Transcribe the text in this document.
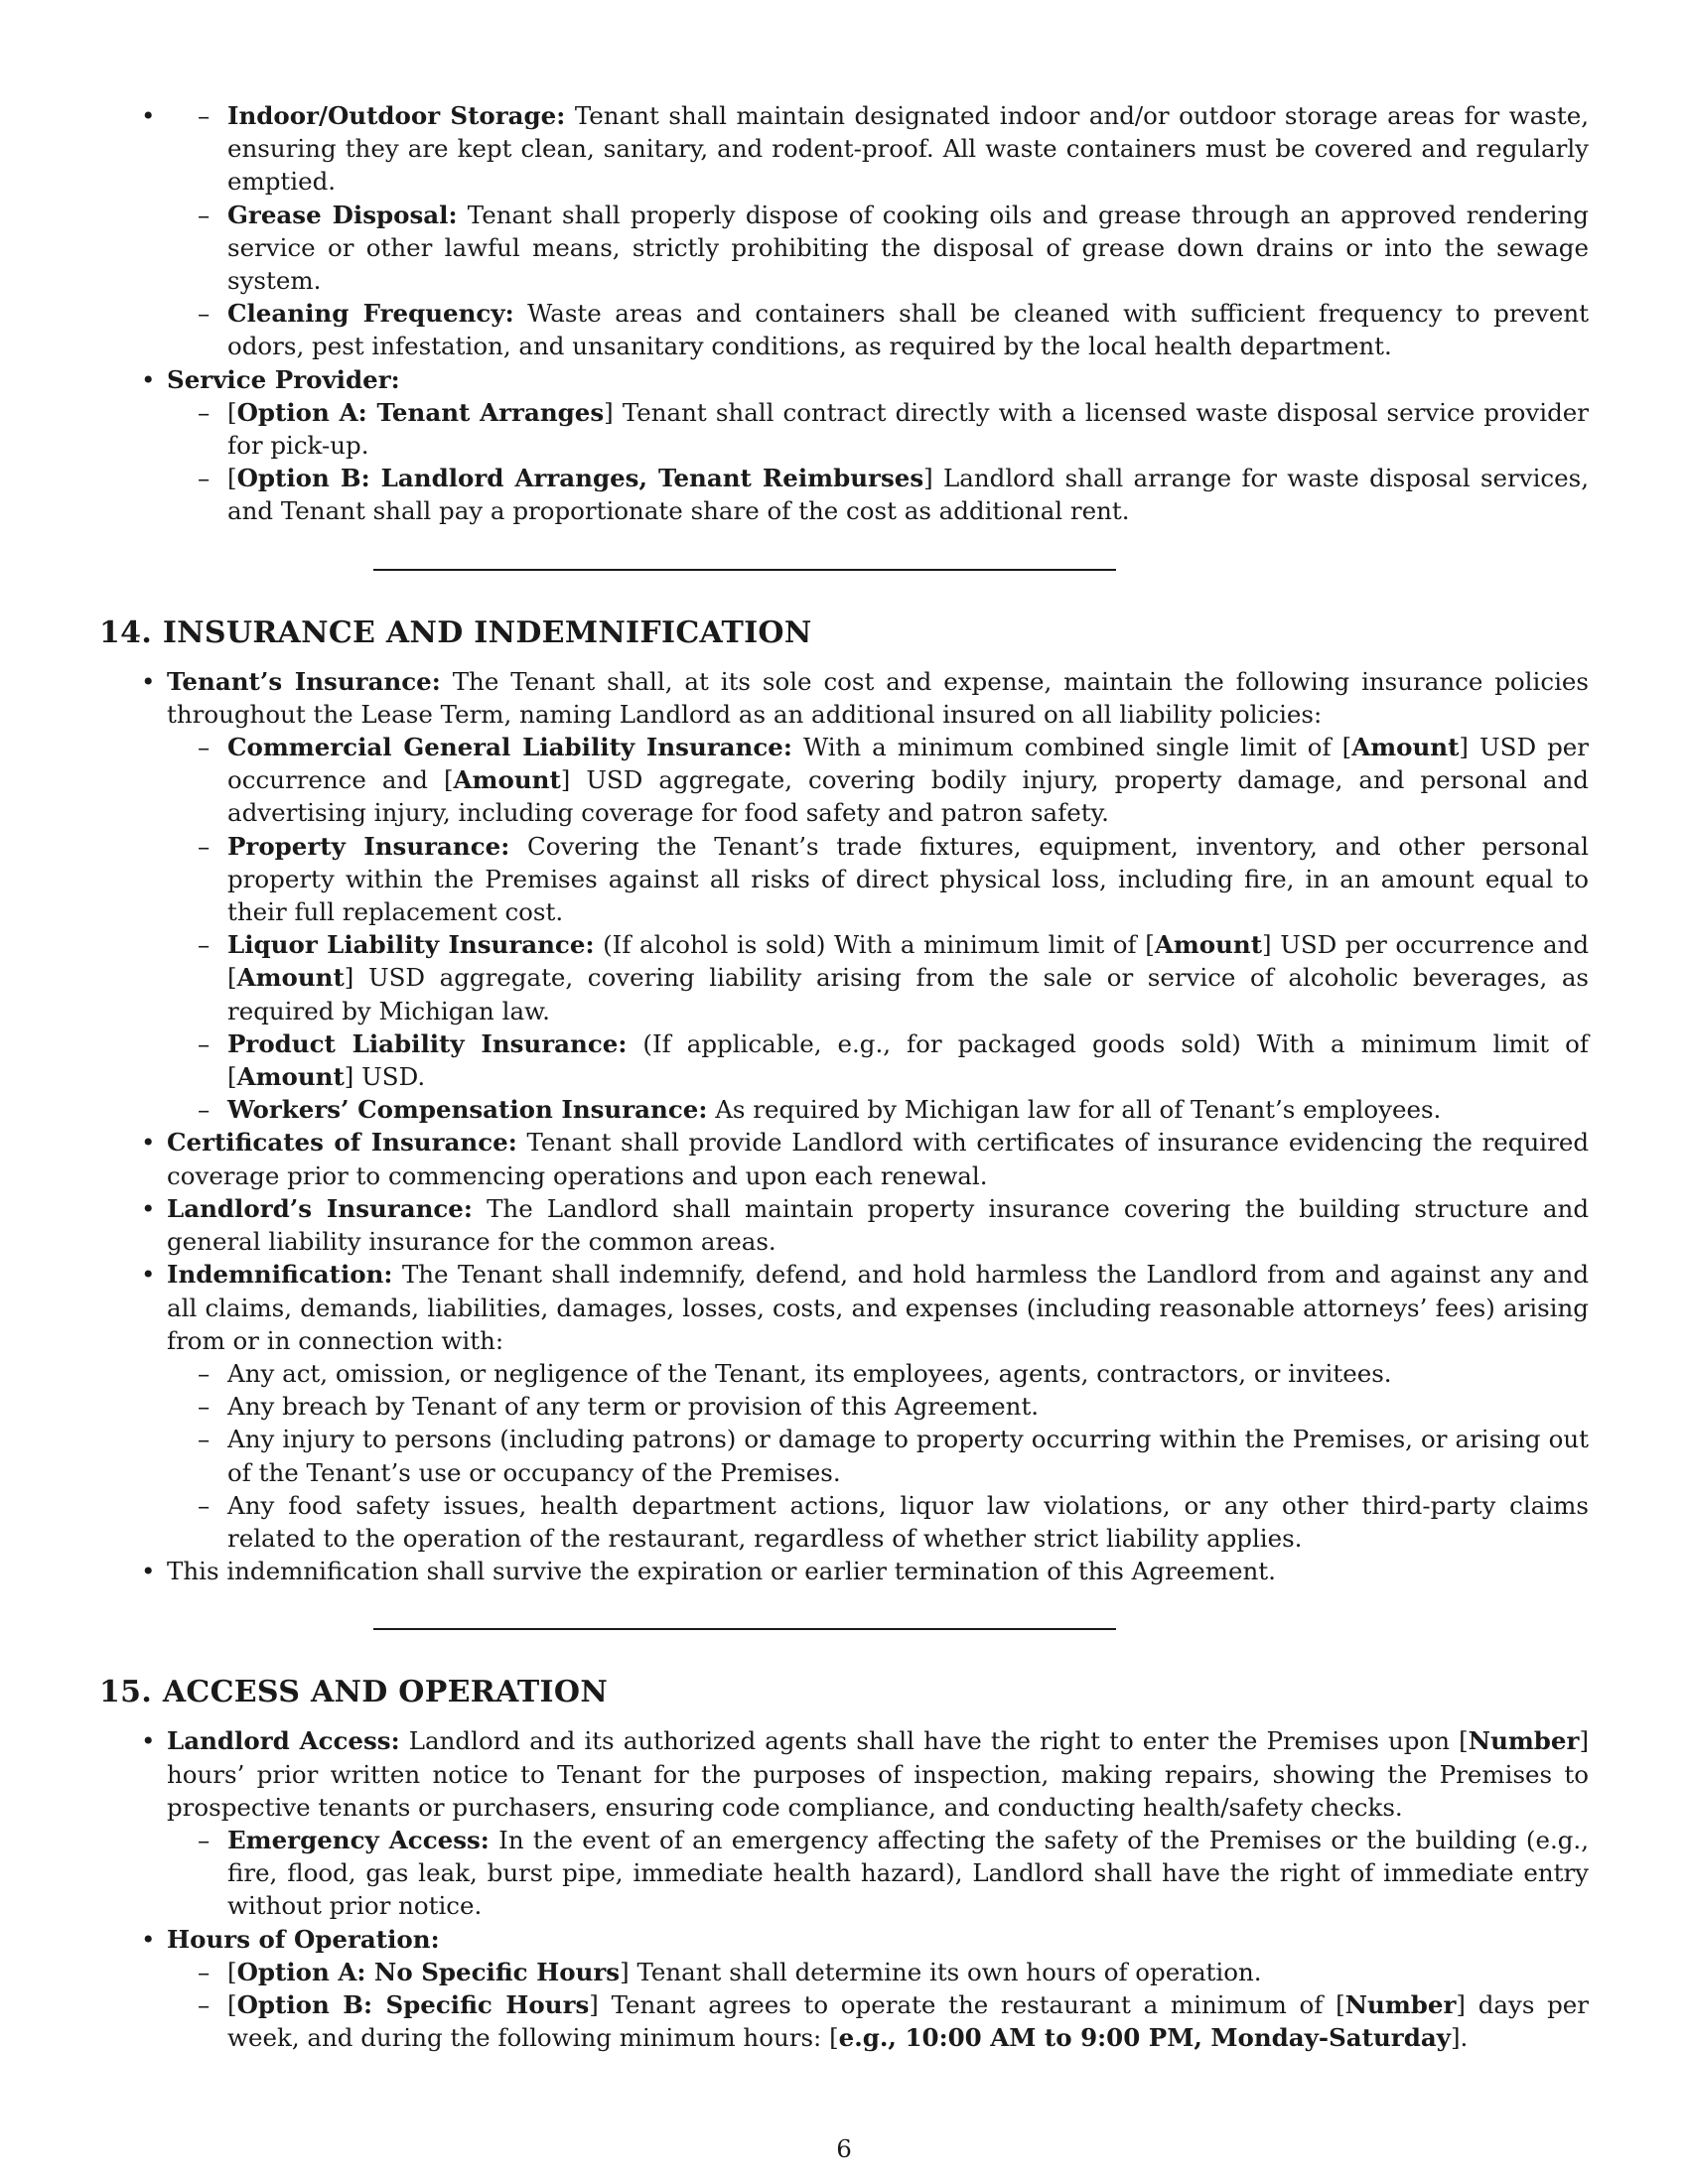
– • Indoor/Outdoor Storage: Tenant shall maintain designated indoor and/or outdoor storage areas for waste, ensuring they are kept clean, sanitary, and rodent-proof. All waste containers must be covered and regularly emptied.
– Grease Disposal: Tenant shall properly dispose of cooking oils and grease through an approved rendering service or other lawful means, strictly prohibiting the disposal of grease down drains or into the sewage system.
– Cleaning Frequency: Waste areas and containers shall be cleaned with sufficient frequency to prevent odors, pest infestation, and unsanitary conditions, as required by the local health department.
• Service Provider:
– [Option A: Tenant Arranges] Tenant shall contract directly with a licensed waste disposal service provider for pick-up.
– [Option B: Landlord Arranges, Tenant Reimburses] Landlord shall arrange for waste disposal services, and Tenant shall pay a proportionate share of the cost as additional rent.
14. INSURANCE AND INDEMNIFICATION
• Tenant’s Insurance: The Tenant shall, at its sole cost and expense, maintain the following insurance policies throughout the Lease Term, naming Landlord as an additional insured on all liability policies:
– Commercial General Liability Insurance: With a minimum combined single limit of [Amount] USD per occurrence and [Amount] USD aggregate, covering bodily injury, property damage, and personal and advertising injury, including coverage for food safety and patron safety.
– Property Insurance: Covering the Tenant’s trade fixtures, equipment, inventory, and other personal property within the Premises against all risks of direct physical loss, including fire, in an amount equal to their full replacement cost.
– Liquor Liability Insurance: (If alcohol is sold) With a minimum limit of [Amount] USD per occurrence and [Amount] USD aggregate, covering liability arising from the sale or service of alcoholic beverages, as required by Michigan law.
– Product Liability Insurance: (If applicable, e.g., for packaged goods sold) With a minimum limit of [Amount] USD.
– Workers’ Compensation Insurance: As required by Michigan law for all of Tenant’s employees.
• Certificates of Insurance: Tenant shall provide Landlord with certificates of insurance evidencing the required coverage prior to commencing operations and upon each renewal.
• Landlord’s Insurance: The Landlord shall maintain property insurance covering the building structure and general liability insurance for the common areas.
• Indemnification: The Tenant shall indemnify, defend, and hold harmless the Landlord from and against any and all claims, demands, liabilities, damages, losses, costs, and expenses (including reasonable attorneys’ fees) arising from or in connection with:
– Any act, omission, or negligence of the Tenant, its employees, agents, contractors, or invitees.
– Any breach by Tenant of any term or provision of this Agreement.
– Any injury to persons (including patrons) or damage to property occurring within the Premises, or arising out of the Tenant’s use or occupancy of the Premises.
– Any food safety issues, health department actions, liquor law violations, or any other third-party claims related to the operation of the restaurant, regardless of whether strict liability applies.
• This indemnification shall survive the expiration or earlier termination of this Agreement.
15. ACCESS AND OPERATION
• Landlord Access: Landlord and its authorized agents shall have the right to enter the Premises upon [Number] hours’ prior written notice to Tenant for the purposes of inspection, making repairs, showing the Premises to prospective tenants or purchasers, ensuring code compliance, and conducting health/safety checks.
– Emergency Access: In the event of an emergency affecting the safety of the Premises or the building (e.g., fire, flood, gas leak, burst pipe, immediate health hazard), Landlord shall have the right of immediate entry without prior notice.
• Hours of Operation:
– [Option A: No Specific Hours] Tenant shall determine its own hours of operation.
– [Option B: Specific Hours] Tenant agrees to operate the restaurant a minimum of [Number] days per week, and during the following minimum hours: [e.g., 10:00 AM to 9:00 PM, Monday-Saturday].
6
